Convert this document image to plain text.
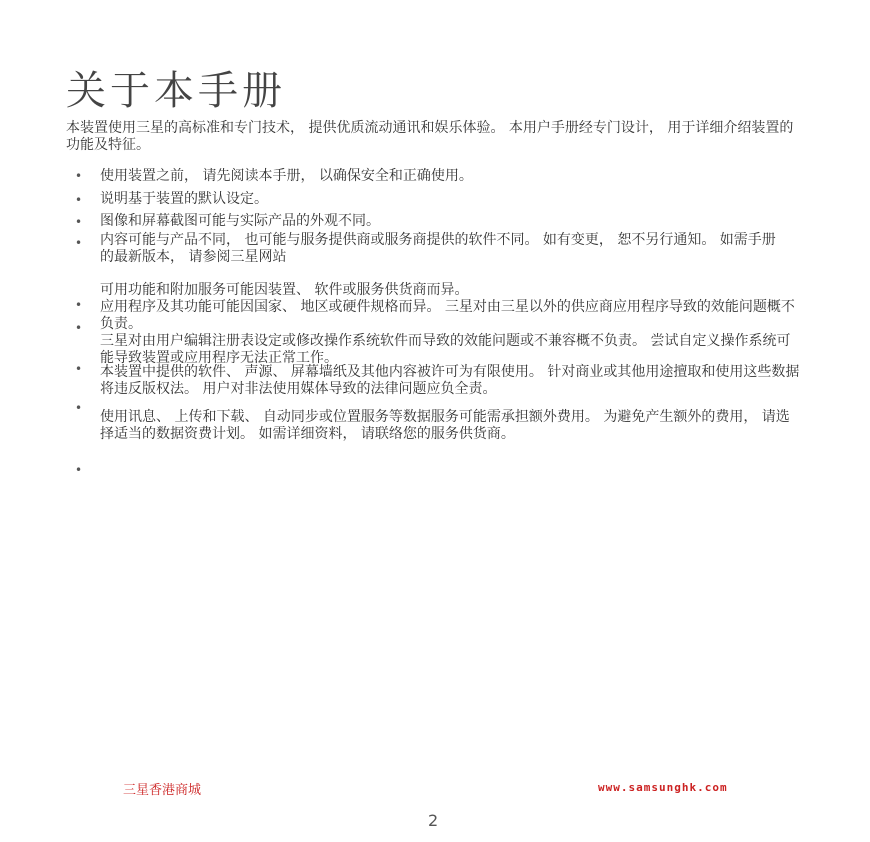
关于本手册
本装置使用三星的高标准和专门技术， 提供优质流动通讯和娱乐体验。 本用户手册经专门设计， 用于详细介绍装置的功能及特征。
•
•
•
•
•
•
•
•
•
使用装置之前， 请先阅读本手册， 以确保安全和正确使用。
说明基于装置的默认设定。
图像和屏幕截图可能与实际产品的外观不同。
内容可能与产品不同， 也可能与服务提供商或服务商提供的软件不同。 如有变更， 恕不另行通知。 如需手册的最新版本， 请参阅三星网站
可用功能和附加服务可能因装置、 软件或服务供货商而异。
应用程序及其功能可能因国家、 地区或硬件规格而异。 三星对由三星以外的供应商应用程序导致的效能问题概不负责。
三星对由用户编辑注册表设定或修改操作系统软件而导致的效能问题或不兼容概不负责。 尝试自定义操作系统可能导致装置或应用程序无法正常工作。
本装置中提供的软件、 声源、 屏幕墙纸及其他内容被许可为有限使用。 针对商业或其他用途擅取和使用这些数据将违反版权法。 用户对非法使用媒体导致的法律问题应负全责。
使用讯息、 上传和下载、 自动同步或位置服务等数据服务可能需承担额外费用。 为避免产生额外的费用， 请选择适当的数据资费计划。 如需详细资料， 请联络您的服务供货商。
三星香港商城	www.samsunghk.com
2
